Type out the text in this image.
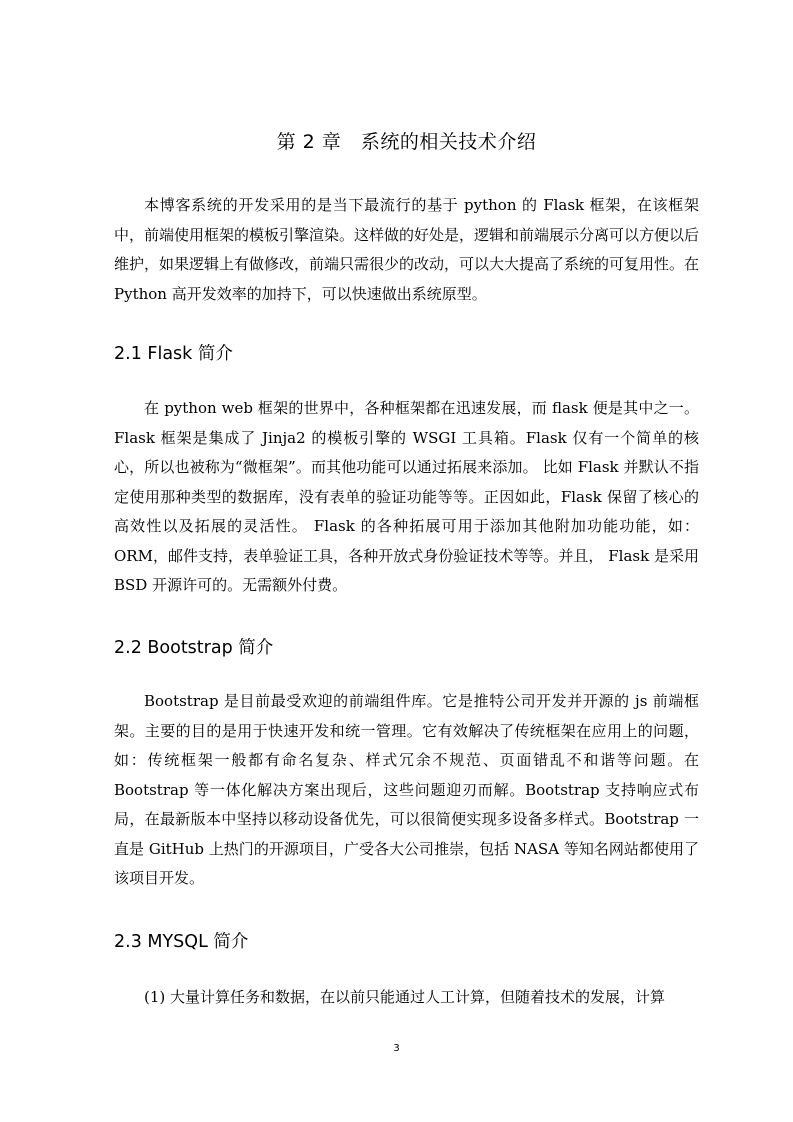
第 2 章   系统的相关技术介绍
本博客系统的开发采用的是当下最流行的基于 python 的 Flask 框架，在该框架中，前端使用框架的模板引擎渲染。这样做的好处是，逻辑和前端展示分离可以方便以后维护，如果逻辑上有做修改，前端只需很少的改动，可以大大提高了系统的可复用性。在 Python 高开发效率的加持下，可以快速做出系统原型。
2.1 Flask 简介
在 python web 框架的世界中，各种框架都在迅速发展，而 flask 便是其中之一。Flask 框架是集成了 Jinja2 的模板引擎的 WSGI 工具箱。Flask 仅有一个简单的核心，所以也被称为“微框架”。而其他功能可以通过拓展来添加。 比如 Flask 并默认不指定使用那种类型的数据库，没有表单的验证功能等等。正因如此，Flask 保留了核心的高效性以及拓展的灵活性。 Flask 的各种拓展可用于添加其他附加功能功能，如：ORM，邮件支持，表单验证工具，各种开放式身份验证技术等等。并且， Flask 是采用 BSD 开源许可的。无需额外付费。
2.2 Bootstrap 简介
Bootstrap 是目前最受欢迎的前端组件库。它是推特公司开发并开源的 js 前端框架。主要的目的是用于快速开发和统一管理。它有效解决了传统框架在应用上的问题，如：传统框架一般都有命名复杂、样式冗余不规范、页面错乱不和谐等问题。在 Bootstrap 等一体化解决方案出现后，这些问题迎刃而解。Bootstrap 支持响应式布局，在最新版本中坚持以移动设备优先，可以很简便实现多设备多样式。Bootstrap 一直是 GitHub 上热门的开源项目，广受各大公司推崇，包括 NASA 等知名网站都使用了该项目开发。
2.3 MYSQL 简介
(1) 大量计算任务和数据，在以前只能通过人工计算，但随着技术的发展，计算
3
